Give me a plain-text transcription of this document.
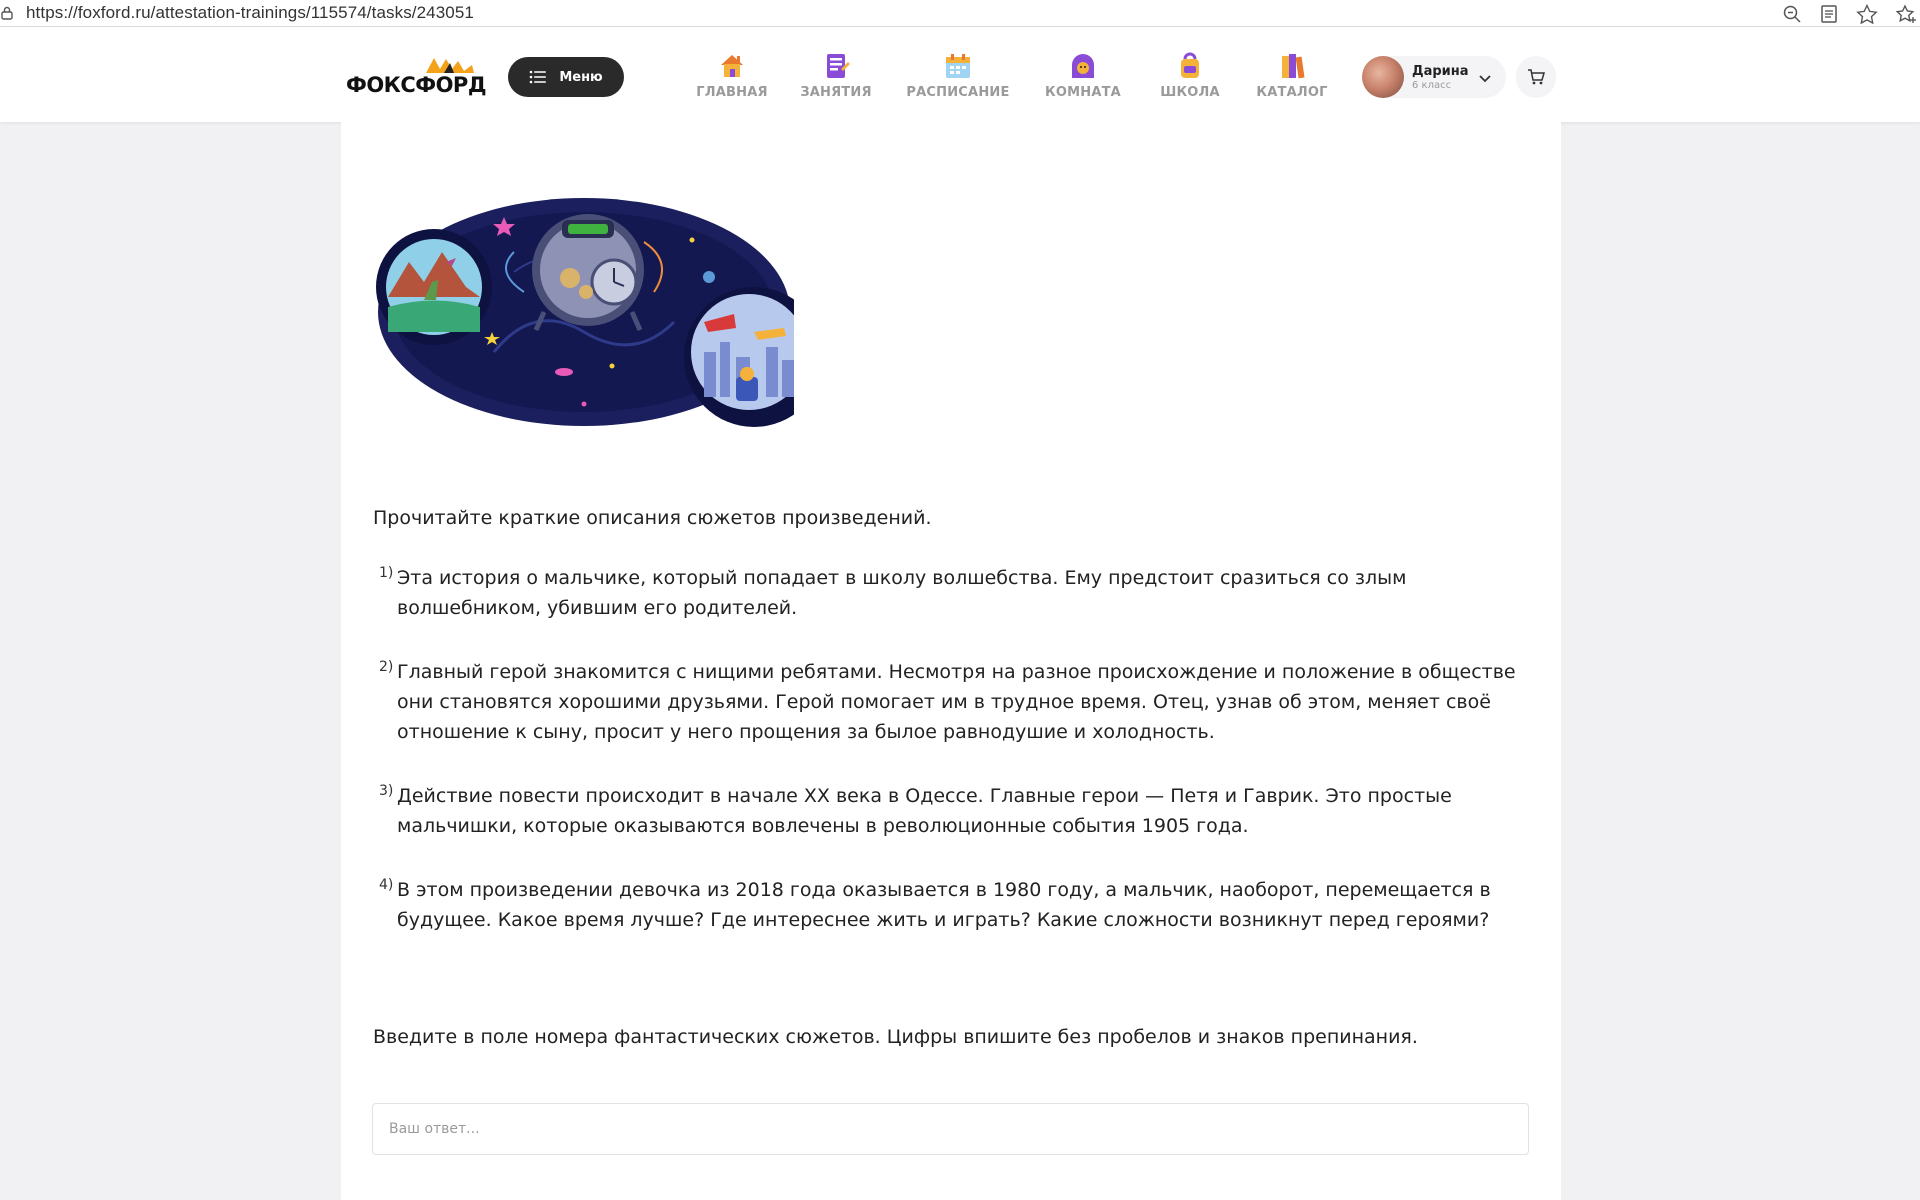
https://foxford.ru/attestation-trainings/115574/tasks/243051
ФОКСФОРД	Меню
ГЛАВНАЯ	ЗАНЯТИЯ	РАСПИСАНИЕ	КОМНАТА	ШКОЛА	КАТАЛОГ
Дарина
6 класс

Прочитайте краткие описания сюжетов произведений.

1) Эта история о мальчике, который попадает в школу волшебства. Ему предстоит сразиться со злым волшебником, убившим его родителей.
2) Главный герой знакомится с нищими ребятами. Несмотря на разное происхождение и положение в обществе они становятся хорошими друзьями. Герой помогает им в трудное время. Отец, узнав об этом, меняет своё отношение к сыну, просит у него прощения за былое равнодушие и холодность.
3) Действие повести происходит в начале XX века в Одессе. Главные герои — Петя и Гаврик. Это простые мальчишки, которые оказываются вовлечены в революционные события 1905 года.
4) В этом произведении девочка из 2018 года оказывается в 1980 году, а мальчик, наоборот, перемещается в будущее. Какое время лучше? Где интереснее жить и играть? Какие сложности возникнут перед героями?

Введите в поле номера фантастических сюжетов. Цифры впишите без пробелов и знаков препинания.

Ваш ответ...
